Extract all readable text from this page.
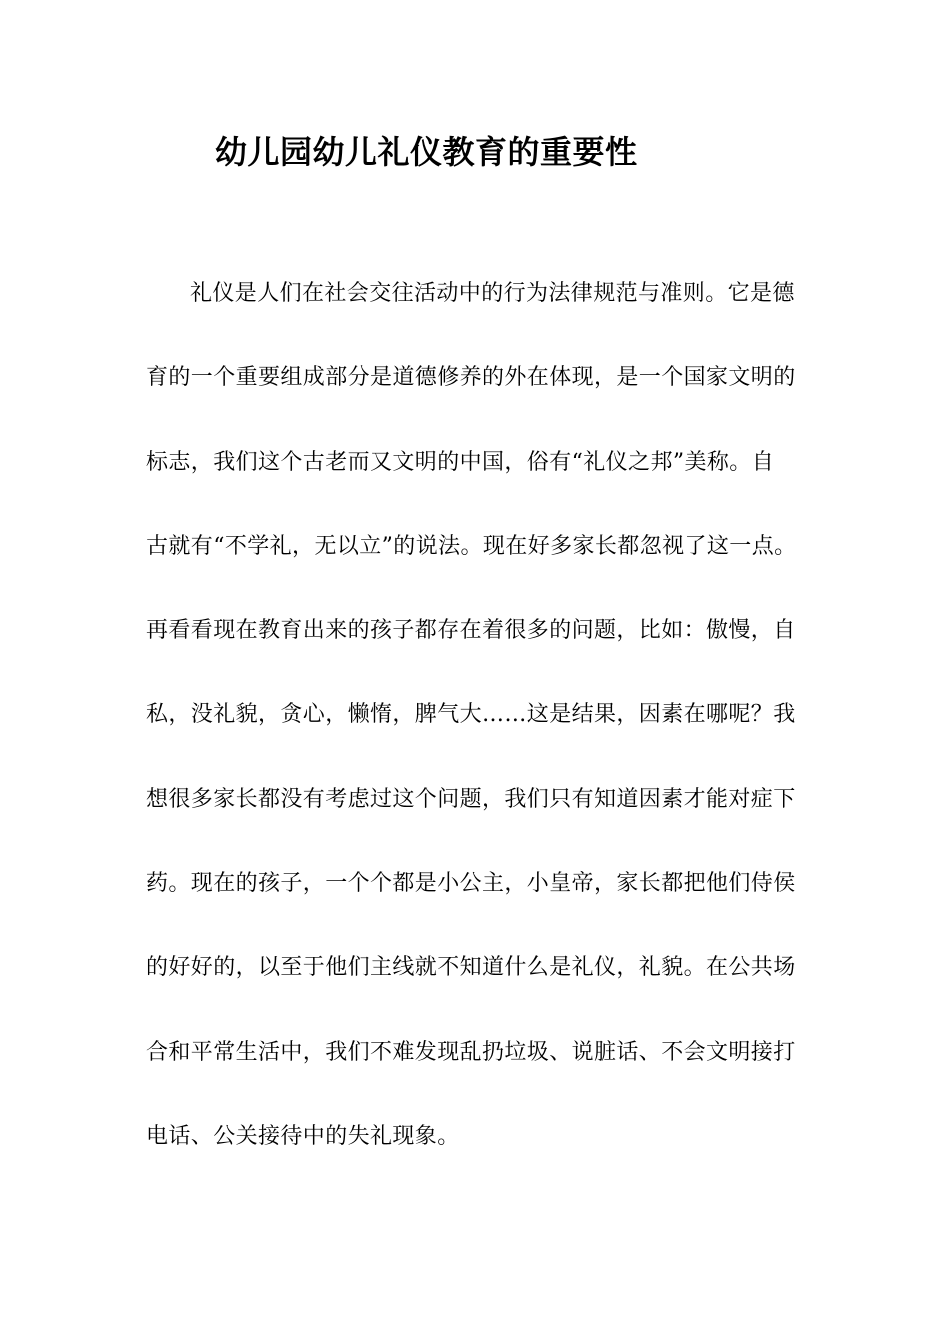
幼儿园幼儿礼仪教育的重要性
礼仪是人们在社会交往活动中的行为法律规范与准则。它是德
育的一个重要组成部分是道德修养的外在体现，是一个国家文明的
标志，我们这个古老而又文明的中国，俗有“礼仪之邦”美称。自
古就有“不学礼，无以立”的说法。现在好多家长都忽视了这一点。
再看看现在教育出来的孩子都存在着很多的问题，比如：傲慢，自
私，没礼貌，贪心，懒惰，脾气大……这是结果，因素在哪呢？我
想很多家长都没有考虑过这个问题，我们只有知道因素才能对症下
药。现在的孩子，一个个都是小公主，小皇帝，家长都把他们侍侯
的好好的，以至于他们主线就不知道什么是礼仪，礼貌。在公共场
合和平常生活中，我们不难发现乱扔垃圾、说脏话、不会文明接打
电话、公关接待中的失礼现象。
